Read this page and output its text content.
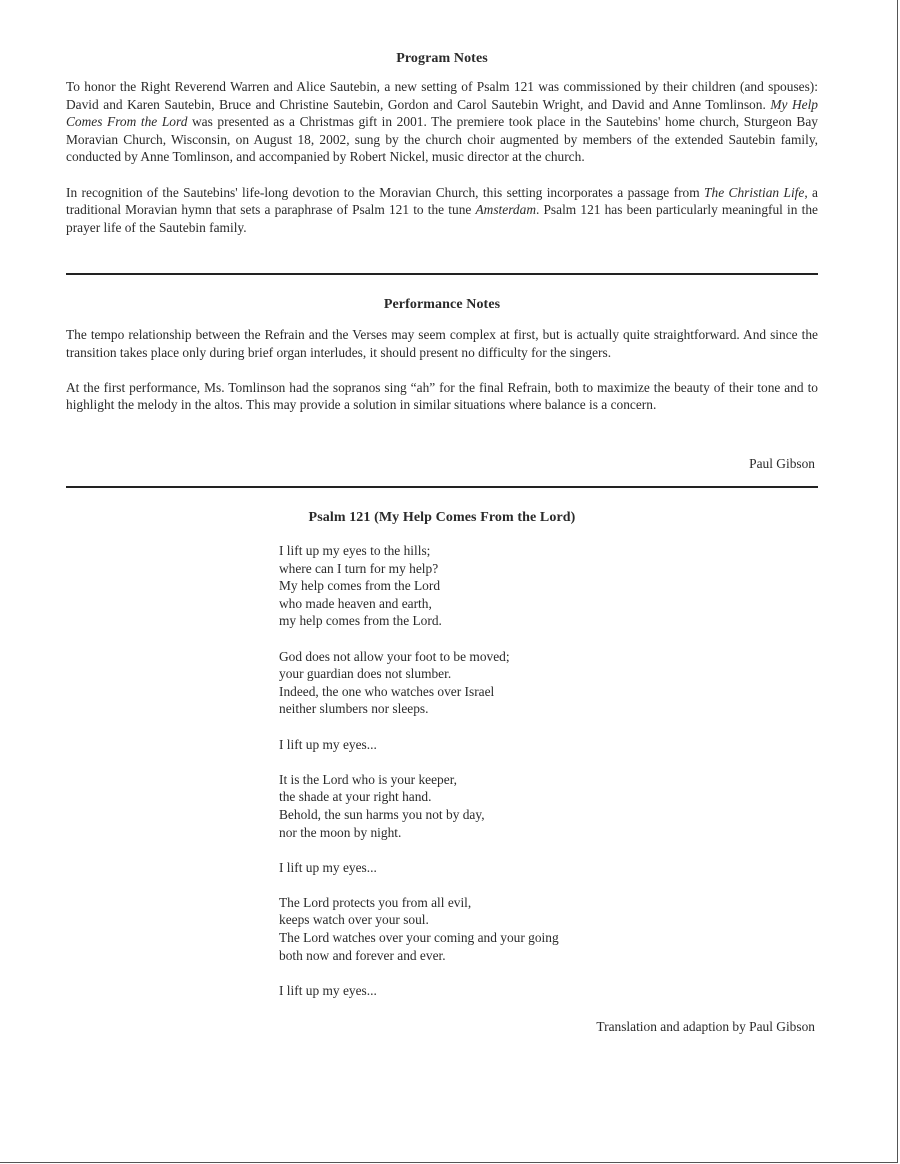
Program Notes

To honor the Right Reverend Warren and Alice Sautebin, a new setting of Psalm 121 was commissioned by their children (and spouses): David and Karen Sautebin, Bruce and Christine Sautebin, Gordon and Carol Sautebin Wright, and David and Anne Tomlinson. My Help Comes From the Lord was presented as a Christmas gift in 2001. The premiere took place in the Sautebins' home church, Sturgeon Bay Moravian Church, Wisconsin, on August 18, 2002, sung by the church choir augmented by members of the extended Sautebin family, conducted by Anne Tomlinson, and accompanied by Robert Nickel, music director at the church.

In recognition of the Sautebins' life-long devotion to the Moravian Church, this setting incorporates a passage from The Christian Life, a traditional Moravian hymn that sets a paraphrase of Psalm 121 to the tune Amsterdam. Psalm 121 has been particularly meaningful in the prayer life of the Sautebin family.

Performance Notes

The tempo relationship between the Refrain and the Verses may seem complex at first, but is actually quite straightforward. And since the transition takes place only during brief organ interludes, it should present no difficulty for the singers.

At the first performance, Ms. Tomlinson had the sopranos sing “ah” for the final Refrain, both to maximize the beauty of their tone and to highlight the melody in the altos. This may provide a solution in similar situations where balance is a concern.

Paul Gibson
Psalm 121 (My Help Comes From the Lord)
I lift up my eyes to the hills;
where can I turn for my help?
My help comes from the Lord
who made heaven and earth,
my help comes from the Lord.
God does not allow your foot to be moved;
your guardian does not slumber.
Indeed, the one who watches over Israel
neither slumbers nor sleeps.
I lift up my eyes...
It is the Lord who is your keeper,
the shade at your right hand.
Behold, the sun harms you not by day,
nor the moon by night.
I lift up my eyes...
The Lord protects you from all evil,
keeps watch over your soul.
The Lord watches over your coming and your going
both now and forever and ever.
I lift up my eyes...
Translation and adaption by Paul Gibson
